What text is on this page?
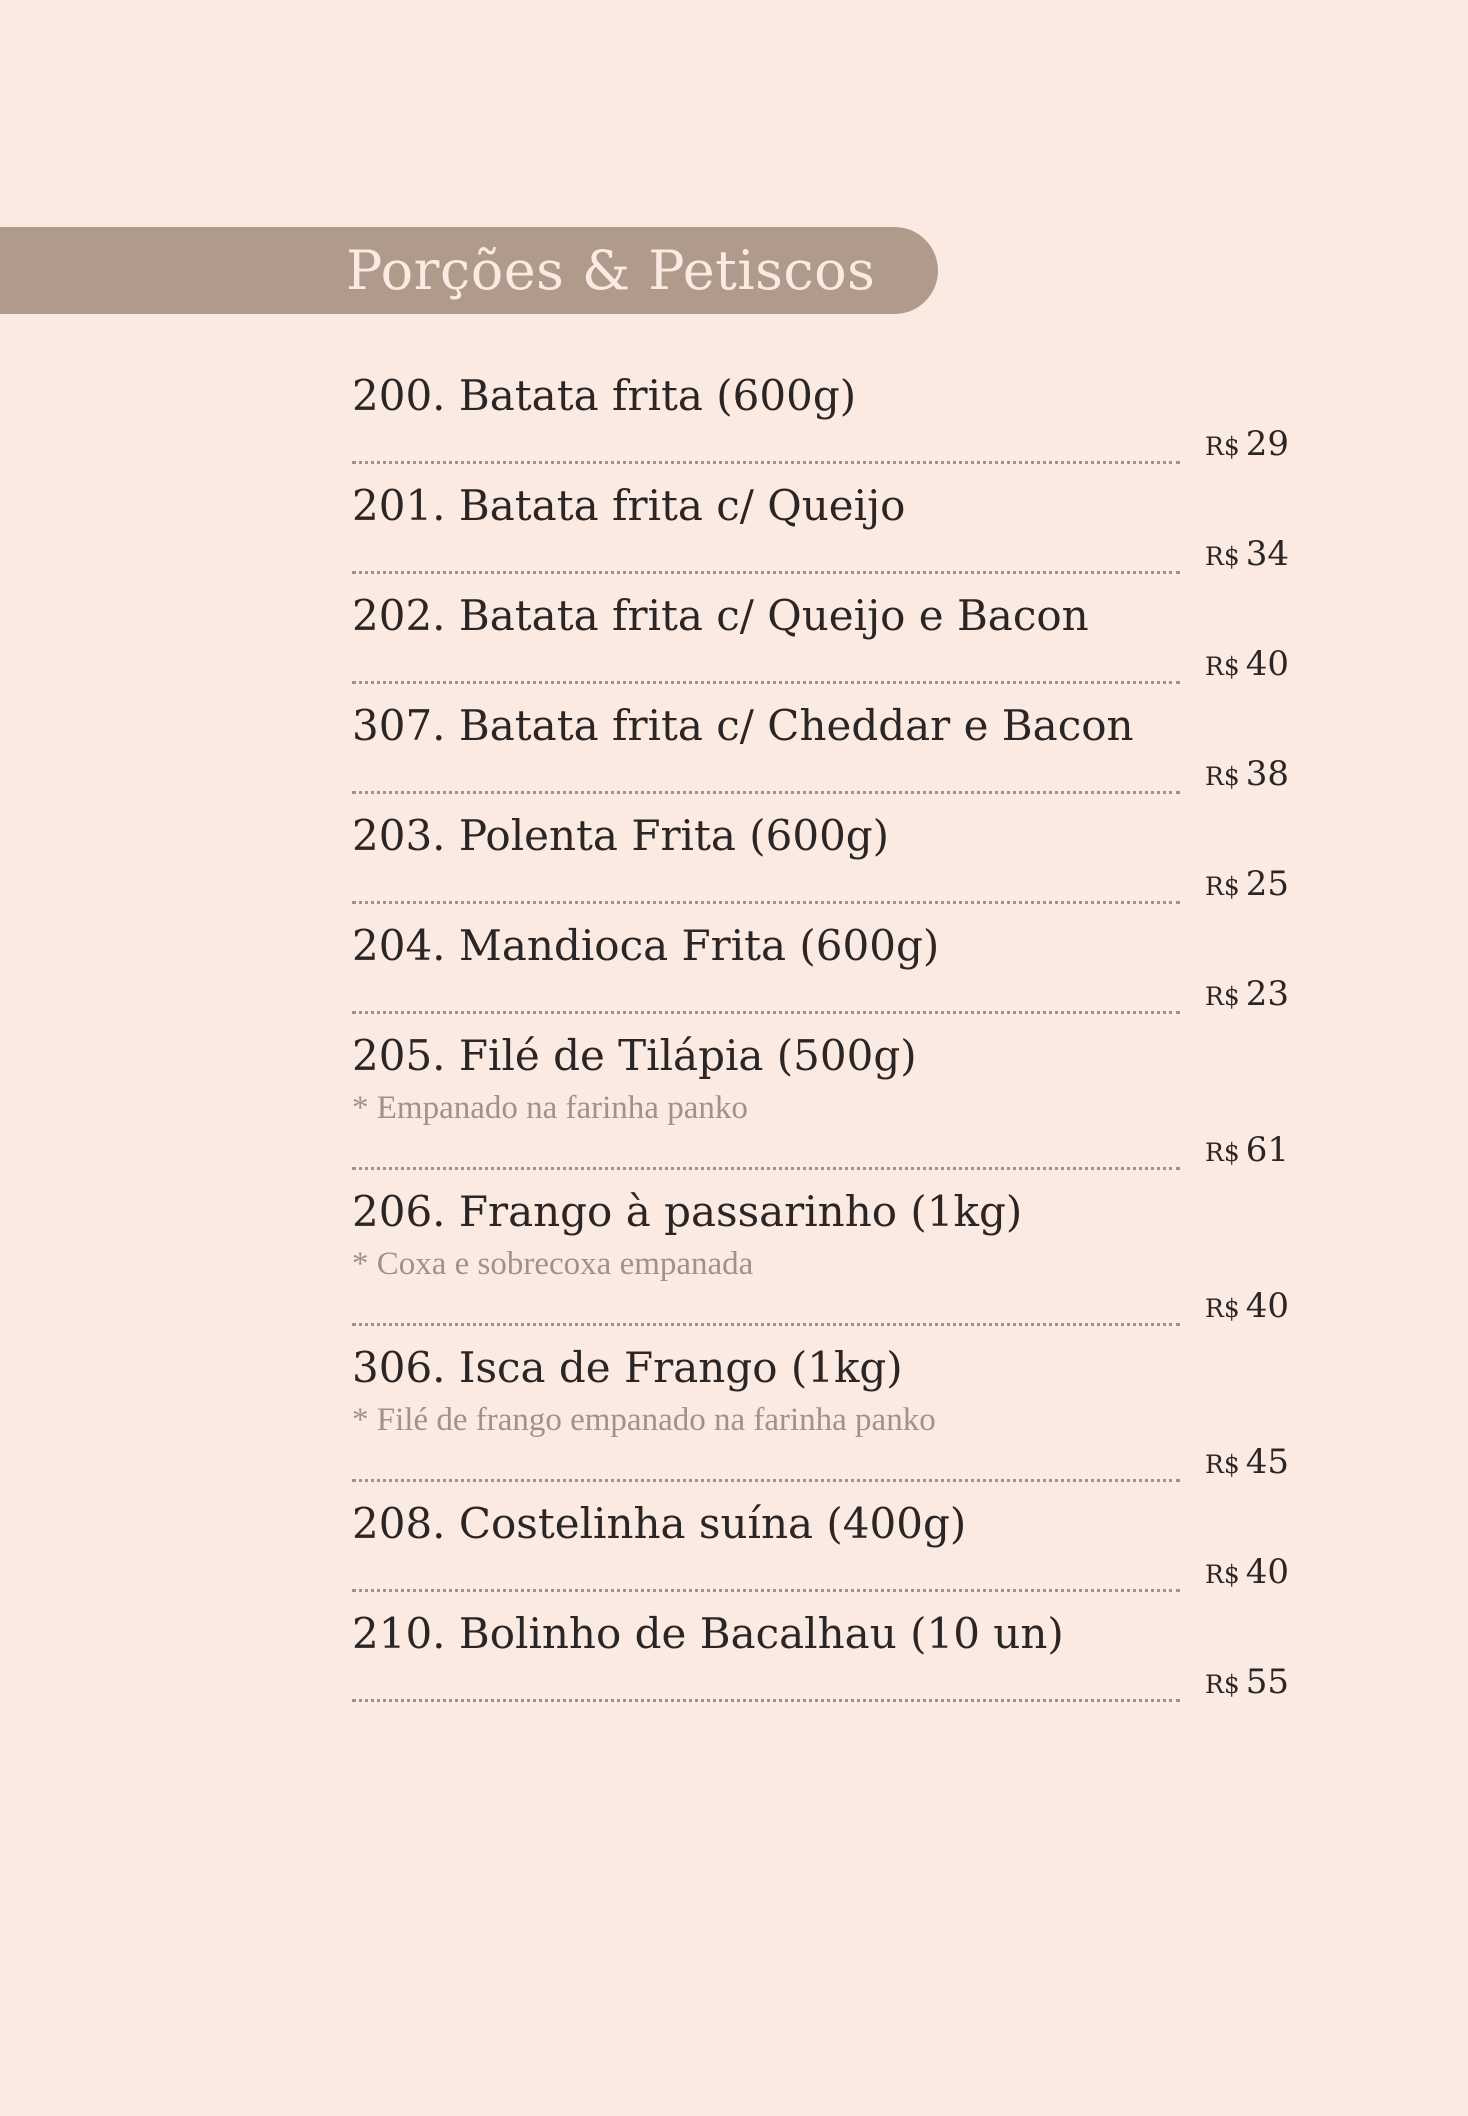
Porções & Petiscos
200. Batata frita (600g)
R$ 29
201. Batata frita c/ Queijo
R$ 34
202. Batata frita c/ Queijo e Bacon
R$ 40
307. Batata frita c/ Cheddar e Bacon
R$ 38
203. Polenta Frita (600g)
R$ 25
204. Mandioca Frita (600g)
R$ 23
205. Filé de Tilápia (500g)
* Empanado na farinha panko
R$ 61
206. Frango à passarinho (1kg)
* Coxa e sobrecoxa empanada
R$ 40
306. Isca de Frango (1kg)
* Filé de frango empanado na farinha panko
R$ 45
208. Costelinha suína (400g)
R$ 40
210. Bolinho de Bacalhau (10 un)
R$ 55
